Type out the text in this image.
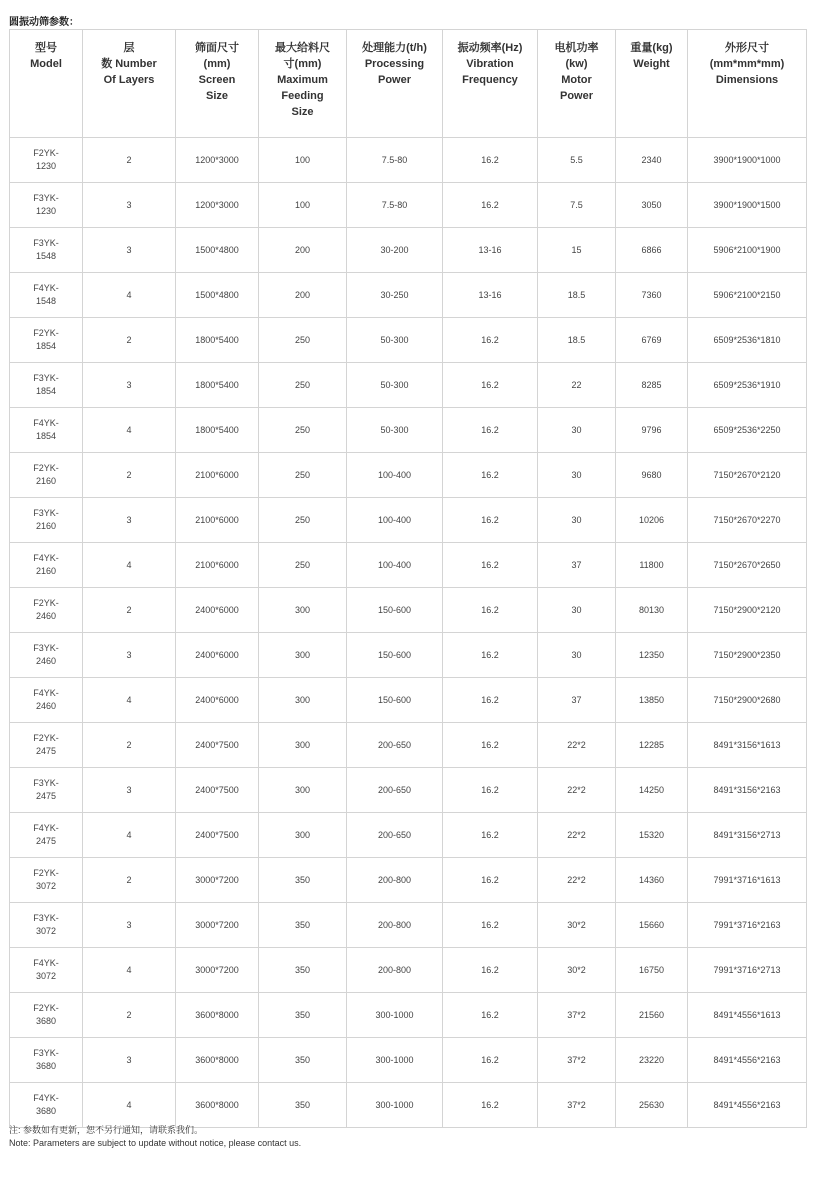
圆振动筛参数：
型号
Model	层
数 Number
Of Layers	筛面尺寸
(mm)
Screen
Size	最大给料尺
寸(mm)
Maximum
Feeding
Size	处理能力(t/h)
Processing
Power	振动频率(Hz)
Vibration
Frequency	电机功率
(kw)
Motor
Power	重量(kg)
Weight	外形尺寸
(mm*mm*mm)
Dimensions

F2YK-
1230	2	1200*3000	100	7.5-80	16.2	5.5	2340	3900*1900*1000

F3YK-
1230	3	1200*3000	100	7.5-80	16.2	7.5	3050	3900*1900*1500

F3YK-
1548	3	1500*4800	200	30-200	13-16	15	6866	5906*2100*1900

F4YK-
1548	4	1500*4800	200	30-250	13-16	18.5	7360	5906*2100*2150

F2YK-
1854	2	1800*5400	250	50-300	16.2	18.5	6769	6509*2536*1810

F3YK-
1854	3	1800*5400	250	50-300	16.2	22	8285	6509*2536*1910

F4YK-
1854	4	1800*5400	250	50-300	16.2	30	9796	6509*2536*2250

F2YK-
2160	2	2100*6000	250	100-400	16.2	30	9680	7150*2670*2120

F3YK-
2160	3	2100*6000	250	100-400	16.2	30	10206	7150*2670*2270

F4YK-
2160	4	2100*6000	250	100-400	16.2	37	11800	7150*2670*2650

F2YK-
2460	2	2400*6000	300	150-600	16.2	30	80130	7150*2900*2120

F3YK-
2460	3	2400*6000	300	150-600	16.2	30	12350	7150*2900*2350

F4YK-
2460	4	2400*6000	300	150-600	16.2	37	13850	7150*2900*2680

F2YK-
2475	2	2400*7500	300	200-650	16.2	22*2	12285	8491*3156*1613

F3YK-
2475	3	2400*7500	300	200-650	16.2	22*2	14250	8491*3156*2163

F4YK-
2475	4	2400*7500	300	200-650	16.2	22*2	15320	8491*3156*2713

F2YK-
3072	2	3000*7200	350	200-800	16.2	22*2	14360	7991*3716*1613

F3YK-
3072	3	3000*7200	350	200-800	16.2	30*2	15660	7991*3716*2163

F4YK-
3072	4	3000*7200	350	200-800	16.2	30*2	16750	7991*3716*2713

F2YK-
3680	2	3600*8000	350	300-1000	16.2	37*2	21560	8491*4556*1613

F3YK-
3680	3	3600*8000	350	300-1000	16.2	37*2	23220	8491*4556*2163

F4YK-
3680	4	3600*8000	350	300-1000	16.2	37*2	25630	8491*4556*2163
注: 参数如有更新，恕不另行通知，请联系我们。
Note: Parameters are subject to update without notice, please contact us.
